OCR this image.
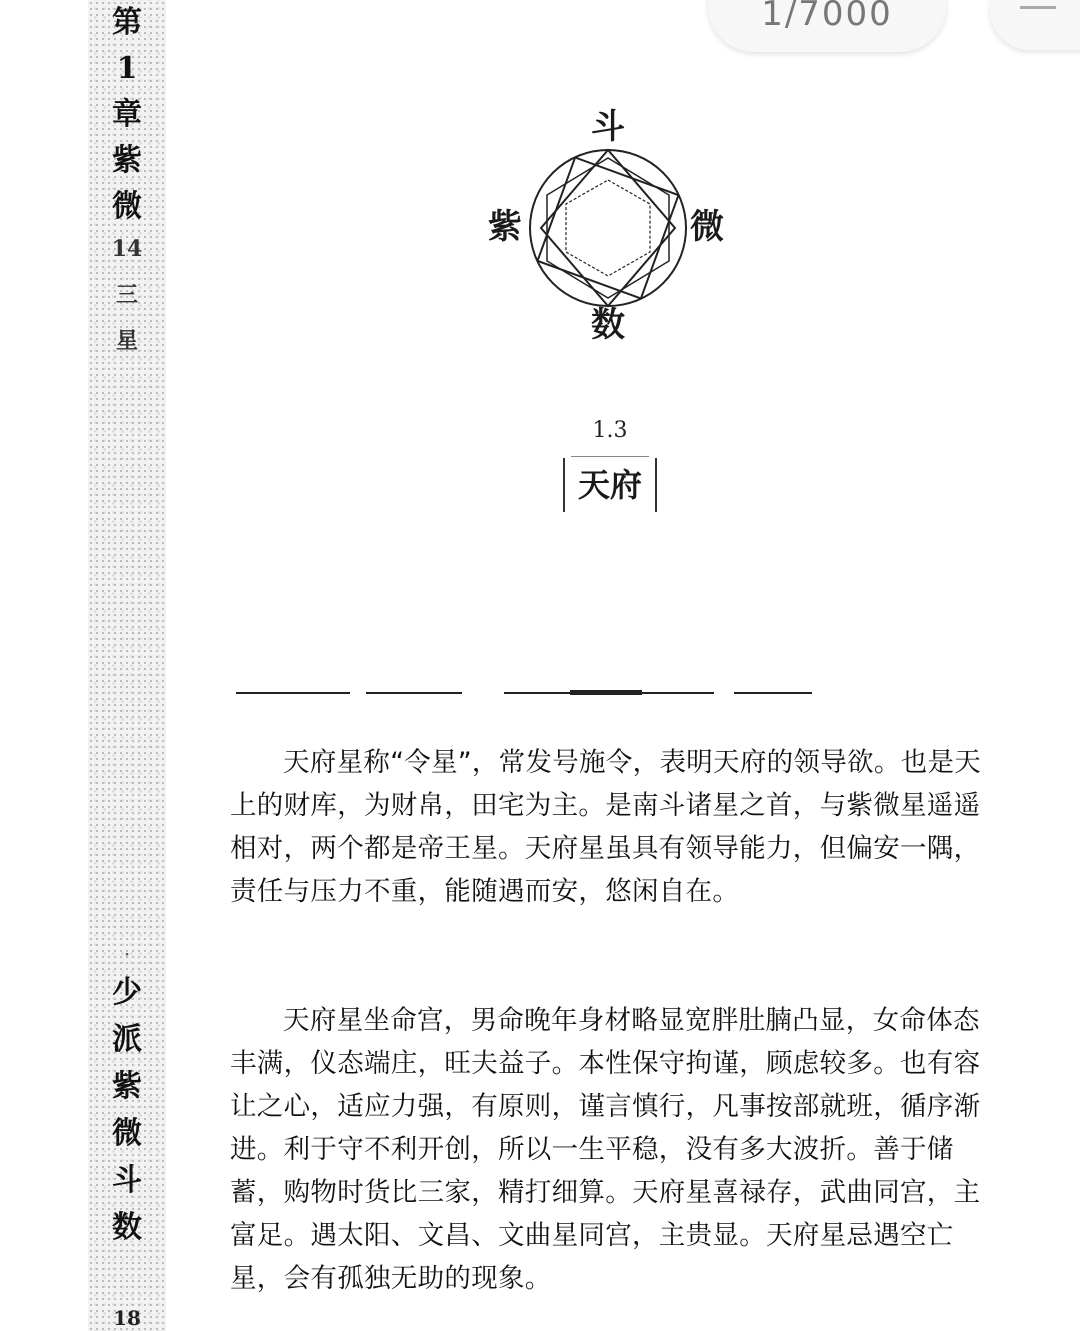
第
1
章
紫
微
14
三
星
·
少
派
紫
微
斗
数
18
1/7000
斗
紫	微
数
1.3
天府

天府星称“令星”，常发号施令，表明天府的领导欲。也是天上的财库，为财帛，田宅为主。是南斗诸星之首，与紫微星遥遥相对，两个都是帝王星。天府星虽具有领导能力，但偏安一隅，责任与压力不重，能随遇而安，悠闲自在。

天府星坐命宫，男命晚年身材略显宽胖肚腩凸显，女命体态丰满，仪态端庄，旺夫益子。本性保守拘谨，顾虑较多。也有容让之心，适应力强，有原则，谨言慎行，凡事按部就班，循序渐进。利于守不利开创，所以一生平稳，没有多大波折。善于储蓄，购物时货比三家，精打细算。天府星喜禄存，武曲同宫，主富足。遇太阳、文昌、文曲星同宫，主贵显。天府星忌遇空亡星，会有孤独无助的现象。
